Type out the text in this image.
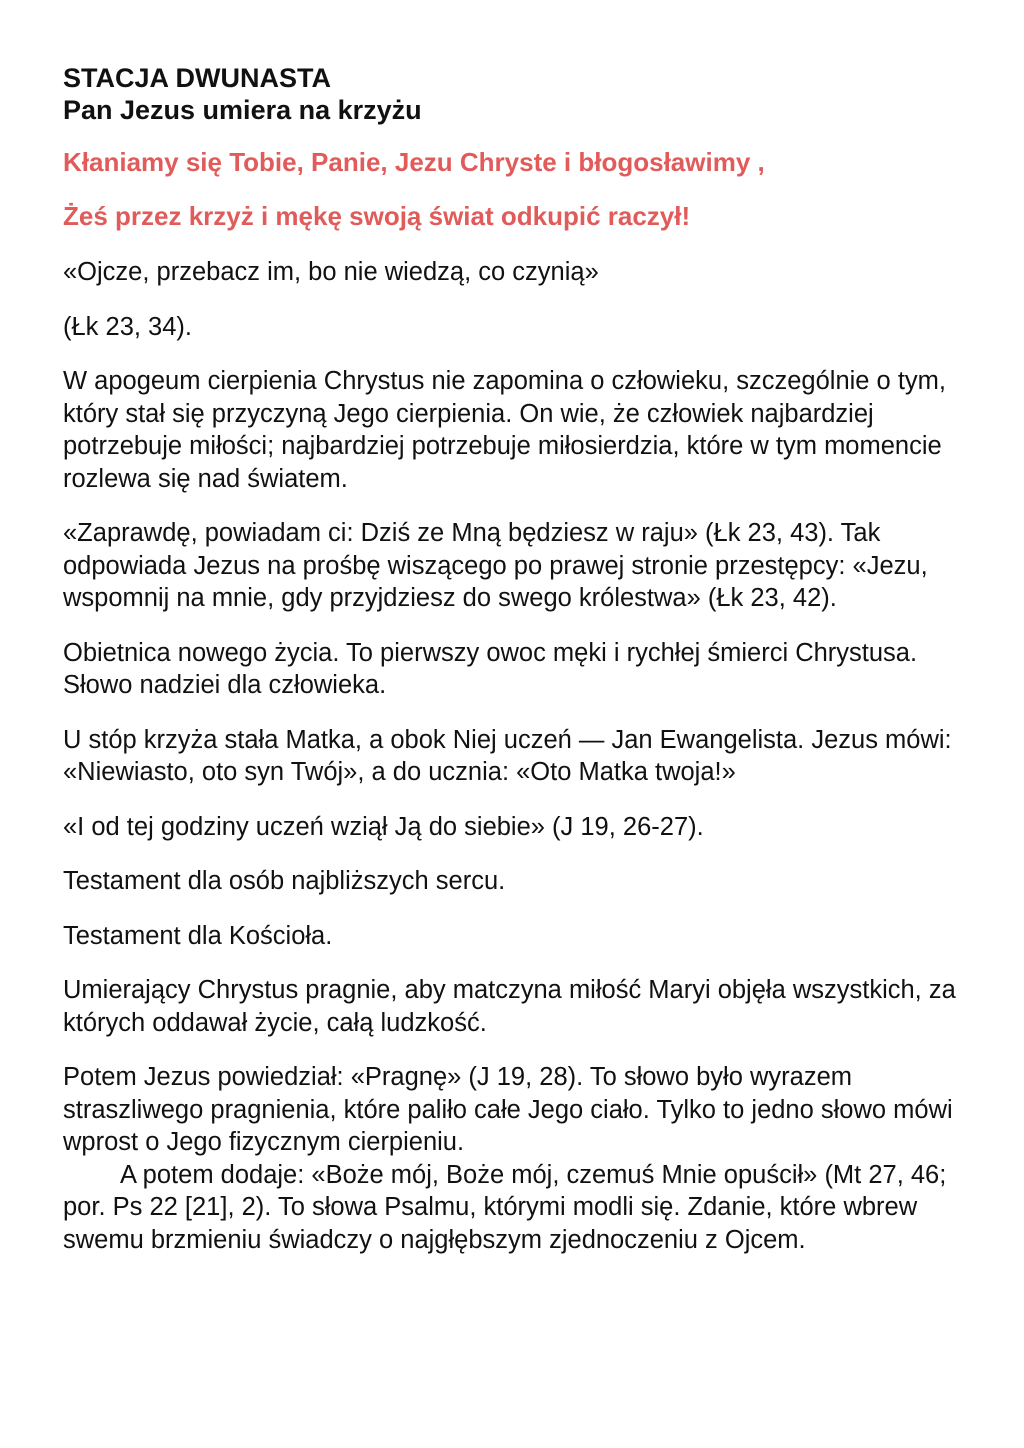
STACJA DWUNASTA
Pan Jezus umiera na krzyżu

Kłaniamy się Tobie, Panie, Jezu Chryste i błogosławimy ,

Żeś przez krzyż i mękę swoją świat odkupić raczył!

«Ojcze, przebacz im, bo nie wiedzą, co czynią»

(Łk 23, 34).

W apogeum cierpienia Chrystus nie zapomina o człowieku, szczególnie o tym, który stał się przyczyną Jego cierpienia. On wie, że człowiek najbardziej potrzebuje miłości; najbardziej potrzebuje miłosierdzia, które w tym momencie rozlewa się nad światem.

«Zaprawdę, powiadam ci: Dziś ze Mną będziesz w raju» (Łk 23, 43). Tak odpowiada Jezus na prośbę wiszącego po prawej stronie przestępcy: «Jezu, wspomnij na mnie, gdy przyjdziesz do swego królestwa» (Łk 23, 42).

Obietnica nowego życia. To pierwszy owoc męki i rychłej śmierci Chrystusa. Słowo nadziei dla człowieka.

U stóp krzyża stała Matka, a obok Niej uczeń — Jan Ewangelista. Jezus mówi: «Niewiasto, oto syn Twój», a do ucznia: «Oto Matka twoja!»

«I od tej godziny uczeń wziął Ją do siebie» (J 19, 26-27).

Testament dla osób najbliższych sercu.

Testament dla Kościoła.

Umierający Chrystus pragnie, aby matczyna miłość Maryi objęła wszystkich, za których oddawał życie, całą ludzkość.

Potem Jezus powiedział: «Pragnę» (J 19, 28). To słowo było wyrazem straszliwego pragnienia, które paliło całe Jego ciało. Tylko to jedno słowo mówi wprost o Jego fizycznym cierpieniu.

A potem dodaje: «Boże mój, Boże mój, czemuś Mnie opuścił» (Mt 27, 46; por. Ps 22 [21], 2). To słowa Psalmu, którymi modli się. Zdanie, które wbrew swemu brzmieniu świadczy o najgłębszym zjednoczeniu z Ojcem.
